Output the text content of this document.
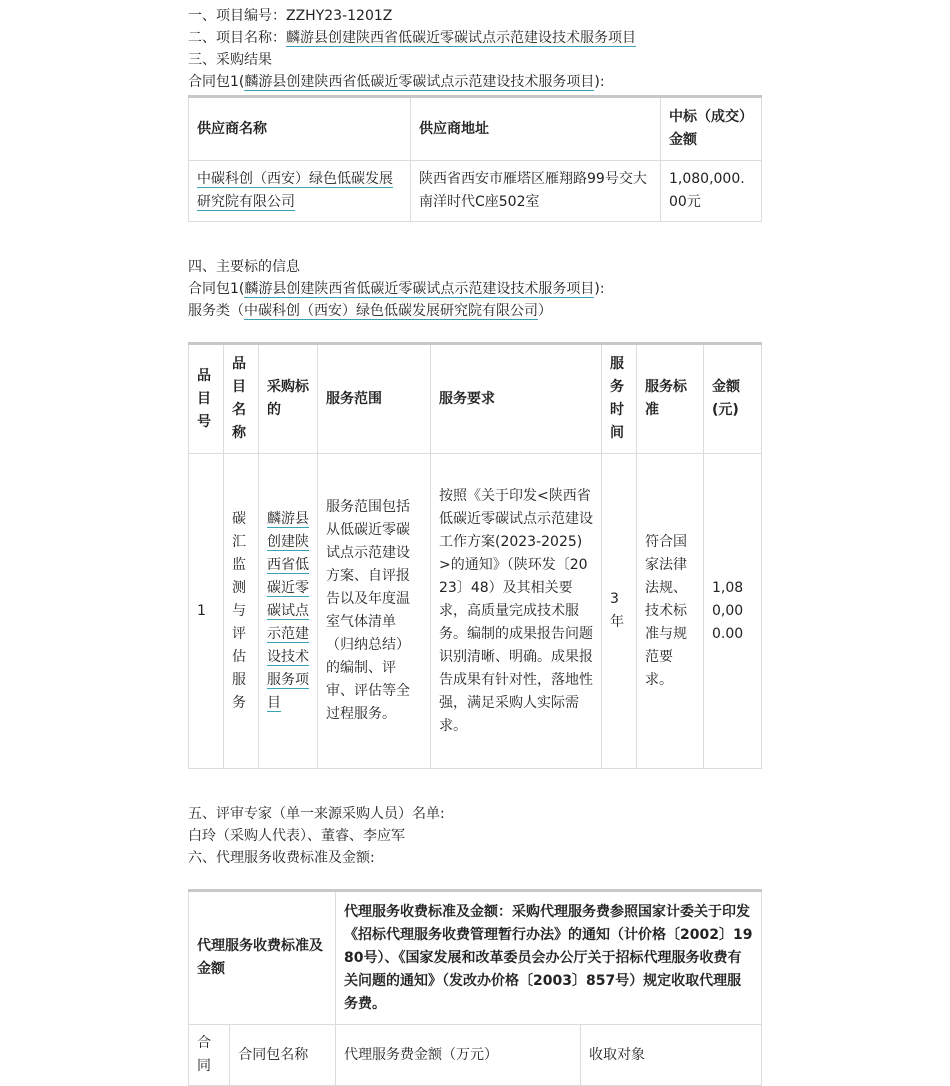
一、项目编号：ZZHY23-1201Z
二、项目名称：麟游县创建陕西省低碳近零碳试点示范建设技术服务项目
三、采购结果
合同包1(麟游县创建陕西省低碳近零碳试点示范建设技术服务项目):
供应商名称	供应商地址	中标（成交）金额
中碳科创（西安）绿色低碳发展研究院有限公司	陕西省西安市雁塔区雁翔路99号交大南洋时代C座502室	1,080,000.00元
四、主要标的信息
合同包1(麟游县创建陕西省低碳近零碳试点示范建设技术服务项目):
服务类（中碳科创（西安）绿色低碳发展研究院有限公司）
品目号	品目名称	采购标的	服务范围	服务要求	服务时间	服务标准	金额(元)
1	碳汇监测与评估服务	麟游县创建陕西省低碳近零碳试点示范建设技术服务项目	服务范围包括从低碳近零碳试点示范建设方案、自评报告以及年度温室气体清单（归纳总结）的编制、评审、评估等全过程服务。	按照《关于印发<陕西省低碳近零碳试点示范建设工作方案(2023-2025)>的通知》（陕环发〔2023〕48）及其相关要求，高质量完成技术服务。编制的成果报告问题识别清晰、明确。成果报告成果有针对性，落地性强，满足采购人实际需求。	3年	符合国家法律法规、技术标准与规范要求。	1,080,000.00
五、评审专家（单一来源采购人员）名单:
白玲（采购人代表）、董睿、李应军
六、代理服务收费标准及金额:
代理服务收费标准及金额		代理服务收费标准及金额：采购代理服务费参照国家计委关于印发《招标代理服务收费管理暂行办法》的通知（计价格〔2002〕1980号）、《国家发展和改革委员会办公厅关于招标代理服务收费有关问题的通知》（发改办价格〔2003〕857号）规定收取代理服务费。	
合同	合同包名称	代理服务费金额（万元）	收取对象
